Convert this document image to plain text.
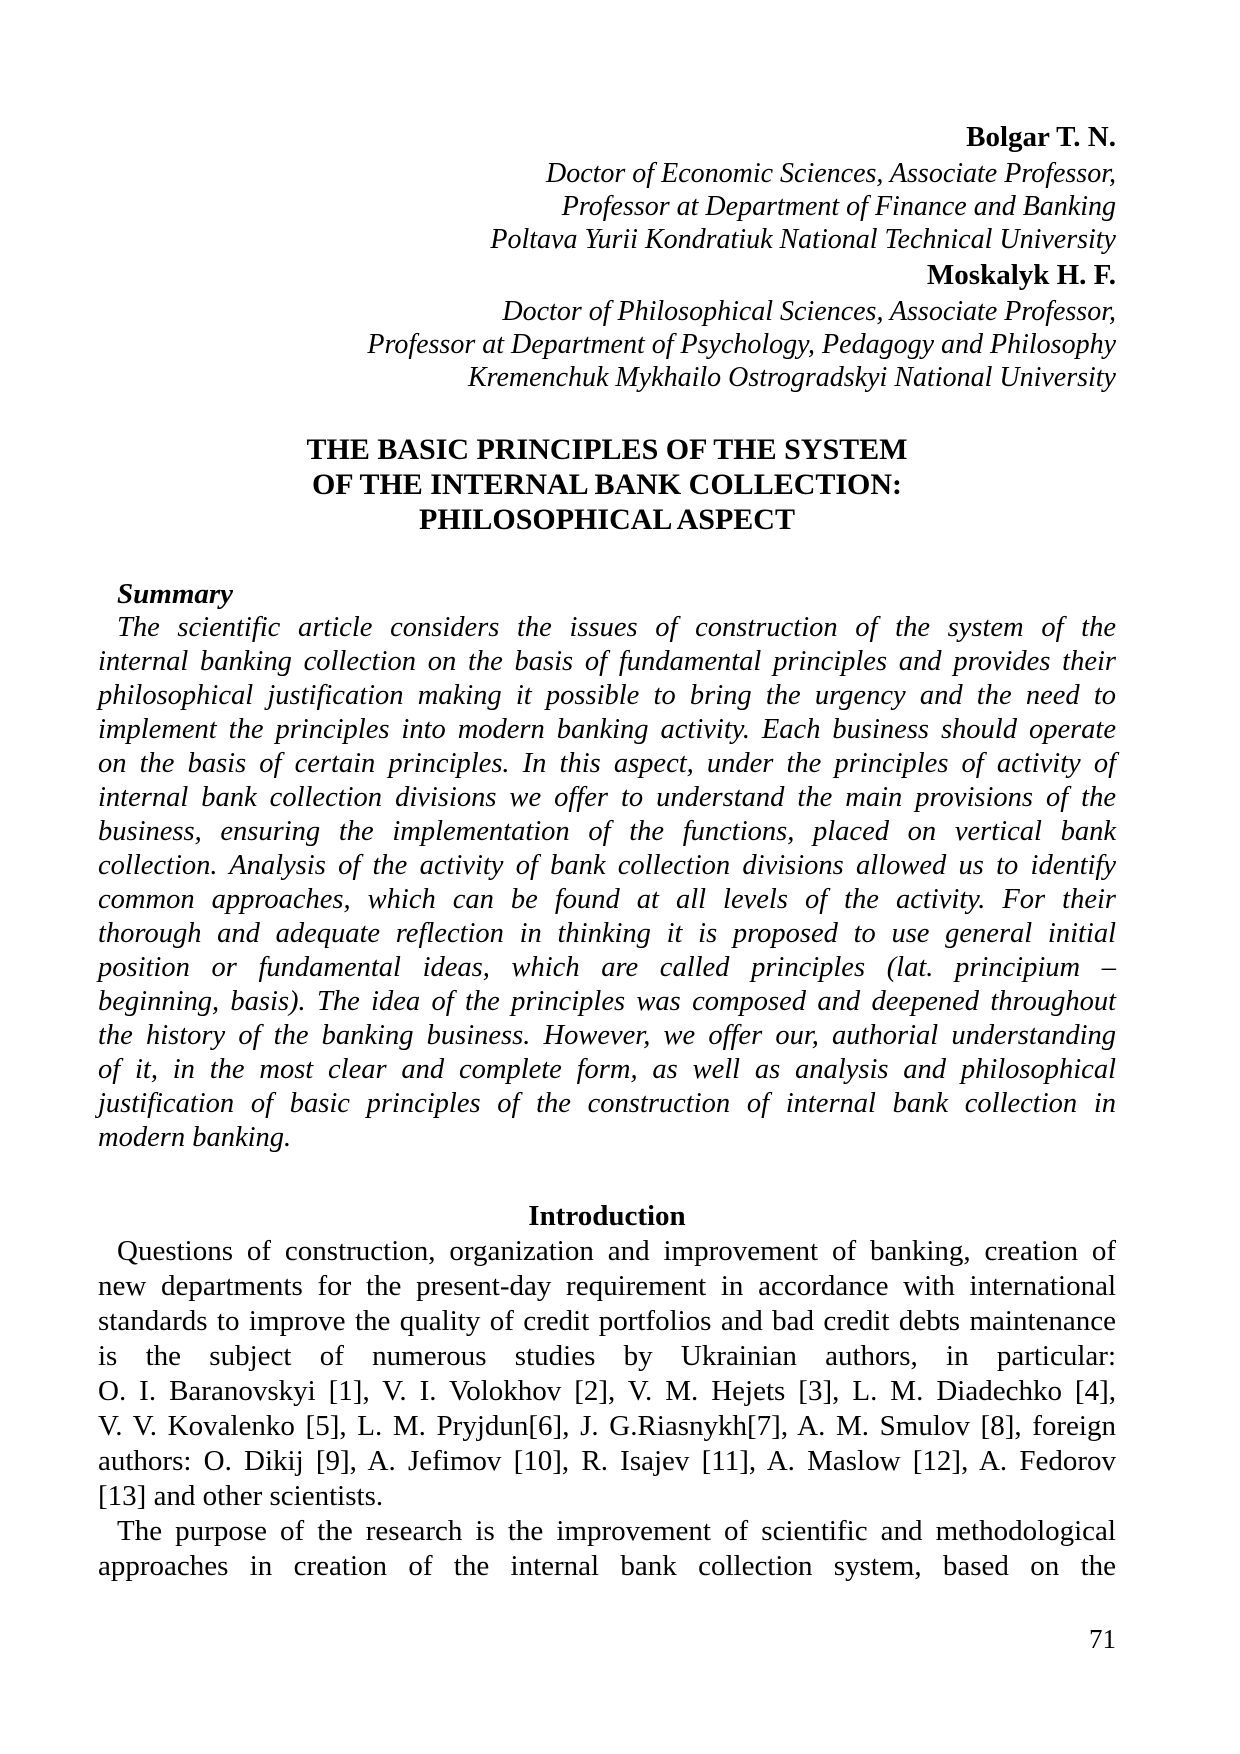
Bolgar T. N.
Doctor of Economic Sciences, Associate Professor,
Professor at Department of Finance and Banking
Poltava Yurii Kondratiuk National Technical University
Moskalyk H. F.
Doctor of Philosophical Sciences, Associate Professor,
Professor at Department of Psychology, Pedagogy and Philosophy
Kremenchuk Mykhailo Ostrogradskyi National University
THE BASIC PRINCIPLES OF THE SYSTEM
OF THE INTERNAL BANK COLLECTION:
PHILOSOPHICAL ASPECT
Summary
The scientific article considers the issues of construction of the system of the
internal banking collection on the basis of fundamental principles and provides their
philosophical justification making it possible to bring the urgency and the need to
implement the principles into modern banking activity. Each business should operate
on the basis of certain principles. In this aspect, under the principles of activity of
internal bank collection divisions we offer to understand the main provisions of the
business, ensuring the implementation of the functions, placed on vertical bank
collection. Analysis of the activity of bank collection divisions allowed us to identify
common approaches, which can be found at all levels of the activity. For their
thorough and adequate reflection in thinking it is proposed to use general initial
position or fundamental ideas, which are called principles (lat. principium –
beginning, basis). The idea of the principles was composed and deepened throughout
the history of the banking business. However, we offer our, authorial understanding
of it, in the most clear and complete form, as well as analysis and philosophical
justification of basic principles of the construction of internal bank collection in
modern banking.
Introduction
Questions of construction, organization and improvement of banking, creation of
new departments for the present-day requirement in accordance with international
standards to improve the quality of credit portfolios and bad credit debts maintenance
is the subject of numerous studies by Ukrainian authors, in particular:
O. I. Baranovskyi [1], V. I. Volokhov [2], V. M. Hejets [3], L. M. Diadechko [4],
V. V. Kovalenko [5], L. M. Pryjdun[6], J. G.Riasnykh[7], A. M. Smulov [8], foreign
authors: O. Dikij [9], A. Jefimov [10], R. Isajev [11], A. Maslow [12], A. Fedorov
[13] and other scientists.
The purpose of the research is the improvement of scientific and methodological
approaches in creation of the internal bank collection system, based on the
71
